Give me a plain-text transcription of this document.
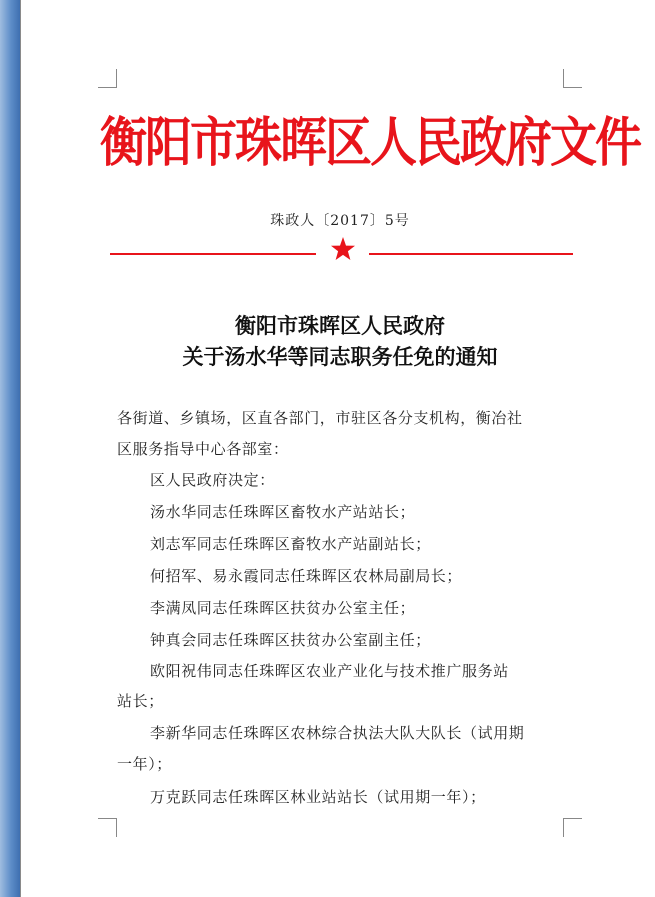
衡阳市珠晖区人民政府文件
珠政人〔2017〕5号
衡阳市珠晖区人民政府
关于汤水华等同志职务任免的通知
各街道、乡镇场，区直各部门，市驻区各分支机构，衡冶社
区服务指导中心各部室：
区人民政府决定：
汤水华同志任珠晖区畜牧水产站站长；
刘志军同志任珠晖区畜牧水产站副站长；
何招军、易永霞同志任珠晖区农林局副局长；
李满凤同志任珠晖区扶贫办公室主任；
钟真会同志任珠晖区扶贫办公室副主任；
欧阳祝伟同志任珠晖区农业产业化与技术推广服务站
站长；
李新华同志任珠晖区农林综合执法大队大队长（试用期
一年）；
万克跃同志任珠晖区林业站站长（试用期一年）；
